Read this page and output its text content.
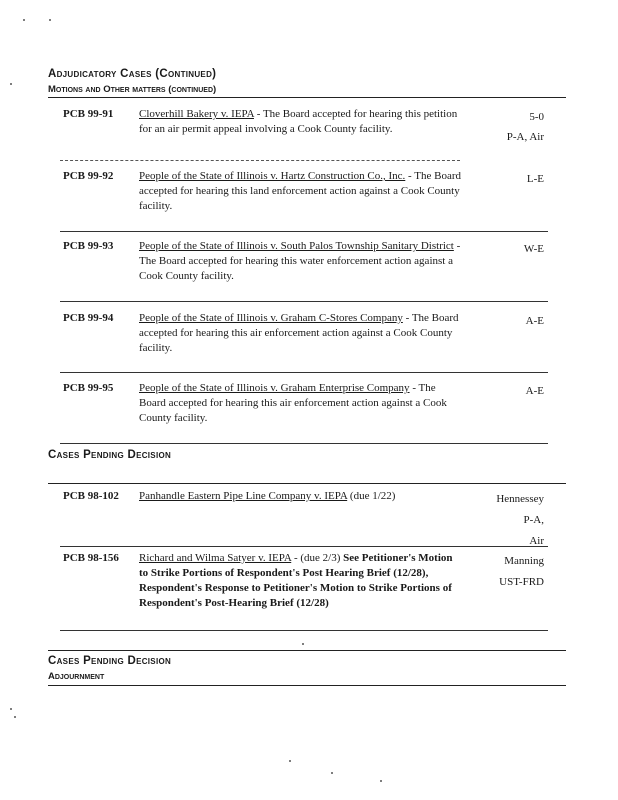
Adjudicatory Cases (Continued)
Motions and Other matters (continued)
PCB 99-91 Cloverhill Bakery v. IEPA - The Board accepted for hearing this petition for an air permit appeal involving a Cook County facility.
5-0
P-A, Air
PCB 99-92 People of the State of Illinois v. Hartz Construction Co., Inc. - The Board accepted for hearing this land enforcement action against a Cook County facility.
L-E
PCB 99-93 People of the State of Illinois v. South Palos Township Sanitary District - The Board accepted for hearing this water enforcement action against a Cook County facility.
W-E
PCB 99-94 People of the State of Illinois v. Graham C-Stores Company - The Board accepted for hearing this air enforcement action against a Cook County facility.
A-E
PCB 99-95 People of the State of Illinois v. Graham Enterprise Company - The Board accepted for hearing this air enforcement action against a Cook County facility.
A-E
Cases Pending Decision
PCB 98-102 Panhandle Eastern Pipe Line Company v. IEPA (due 1/22)	Hennessey
P-A,
Air
PCB 98-156 Richard and Wilma Satyer v. IEPA - (due 2/3) See Petitioner's Motion to Strike Portions of Respondent's Post Hearing Brief (12/28), Respondent's Response to Petitioner's Motion to Strike Portions of Respondent's Post-Hearing Brief (12/28)
Manning
UST-FRD
Cases Pending Decision
Adjournment
